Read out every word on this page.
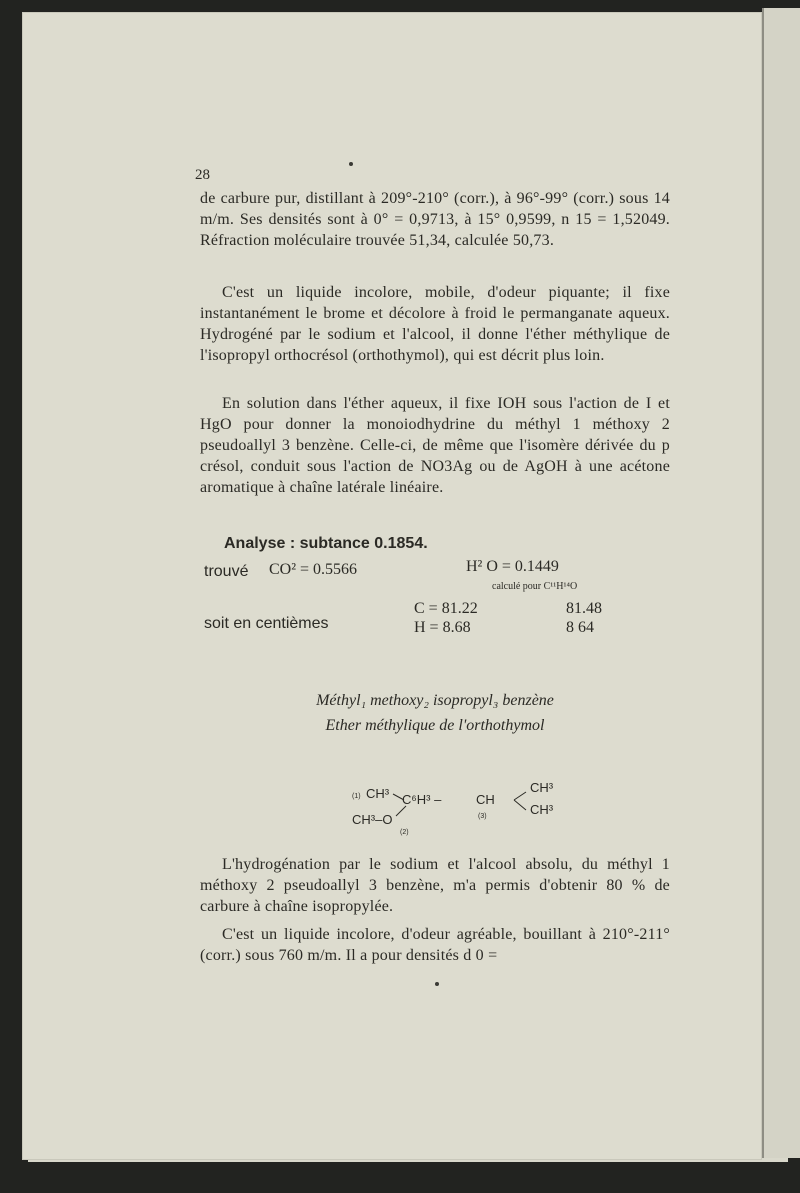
28

de carbure pur, distillant à 209°-210° (corr.), à 96°-99° (corr.) sous 14 m/m. Ses densités sont à 0° = 0,9713, à 15° 0,9599, n 15 = 1,52049. Réfraction moléculaire trouvée 51,34, calculée 50,73.

C'est un liquide incolore, mobile, d'odeur piquante; il fixe instantanément le brome et décolore à froid le permanganate aqueux. Hydrogéné par le sodium et l'alcool, il donne l'éther méthylique de l'isopropyl orthocrésol (orthothymol), qui est décrit plus loin.

En solution dans l'éther aqueux, il fixe IOH sous l'action de I et HgO pour donner la monoiodhydrine du méthyl 1 méthoxy 2 pseudoallyl 3 benzène. Celle-ci, de même que l'isomère dérivée du p crésol, conduit sous l'action de NO3Ag ou de AgOH à une acétone aromatique à chaîne latérale linéaire.

Analyse : subtance 0.1854.
trouvé CO² = 0.5566	H² O = 0.1449
calculé pour C¹¹H¹⁴O
C = 81.22	81.48
soit en centièmes	H = 8.68	8 64
Méthyl₁ methoxy₂ isopropyl₃ benzène
Ether méthylique de l'orthothymol
CH³
(1)	C⁶H³ –
CH³–O
(2)
CH
(3)
CH³
CH³

L'hydrogénation par le sodium et l'alcool absolu, du méthyl 1 méthoxy 2 pseudoallyl 3 benzène, m'a permis d'obtenir 80 % de carbure à chaîne isopropylée.

C'est un liquide incolore, d'odeur agréable, bouillant à 210°-211° (corr.) sous 760 m/m. Il a pour densités d 0 =
